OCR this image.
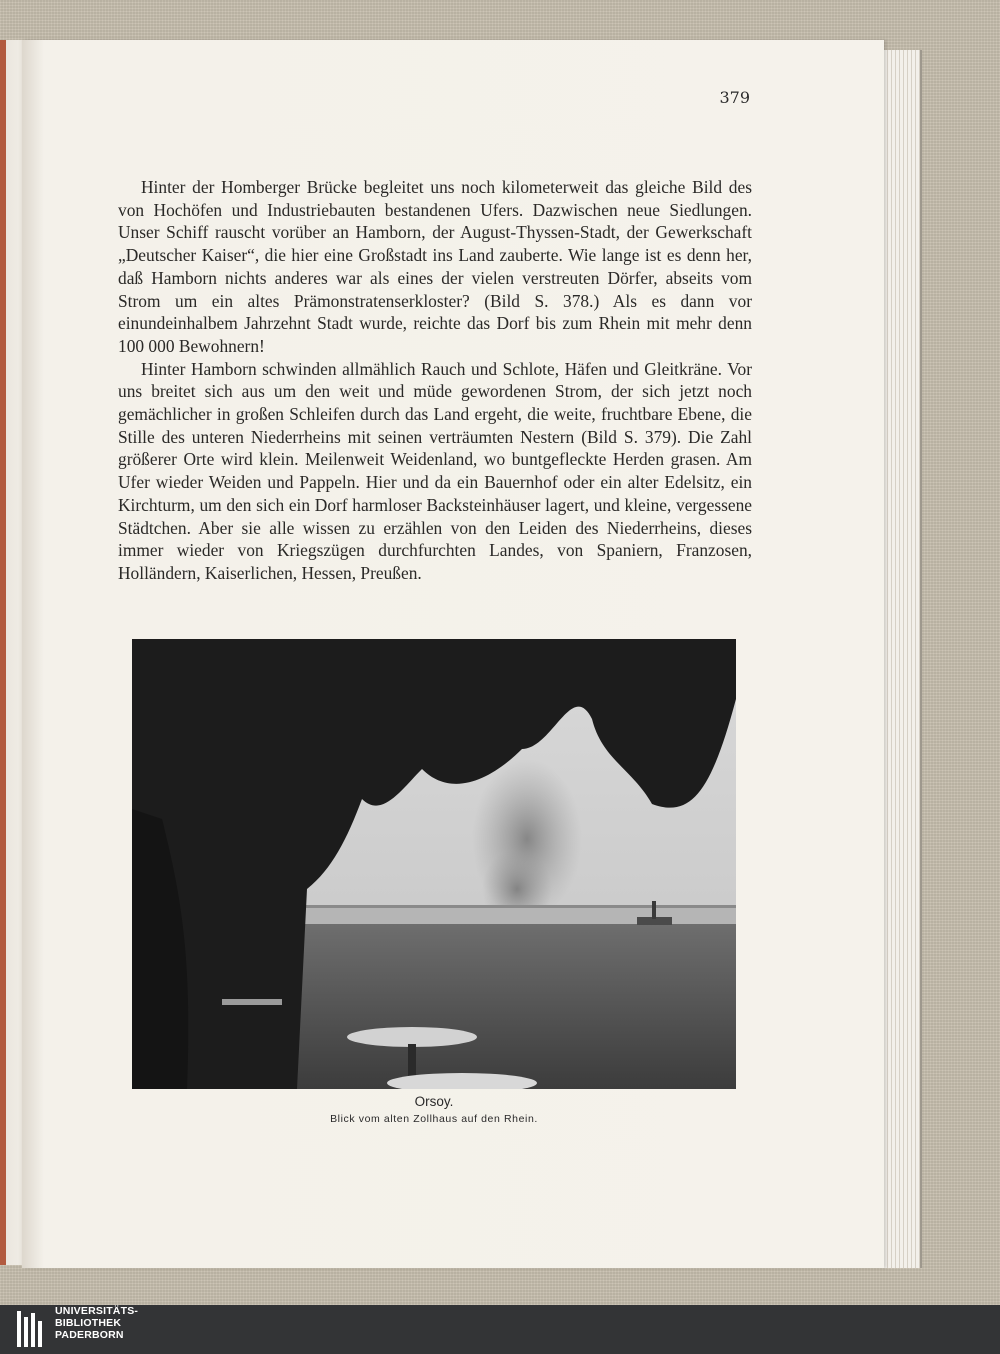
379

Hinter der Homberger Brücke begleitet uns noch kilometerweit das gleiche Bild des von Hochöfen und Industriebauten bestandenen Ufers. Dazwischen neue Siedlungen. Unser Schiff rauscht vorüber an Hamborn, der August-Thyssen-Stadt, der Gewerkschaft „Deutscher Kaiser“, die hier eine Großstadt ins Land zauberte. Wie lange ist es denn her, daß Hamborn nichts anderes war als eines der vielen verstreuten Dörfer, abseits vom Strom um ein altes Prämonstratenserkloster? (Bild S. 378.) Als es dann vor einundeinhalbem Jahrzehnt Stadt wurde, reichte das Dorf bis zum Rhein mit mehr denn 100 000 Bewohnern!

Hinter Hamborn schwinden allmählich Rauch und Schlote, Häfen und Gleitkräne. Vor uns breitet sich aus um den weit und müde gewordenen Strom, der sich jetzt noch gemächlicher in großen Schleifen durch das Land ergeht, die weite, fruchtbare Ebene, die Stille des unteren Niederrheins mit seinen verträumten Nestern (Bild S. 379). Die Zahl größerer Orte wird klein. Meilenweit Weidenland, wo buntgefleckte Herden grasen. Am Ufer wieder Weiden und Pappeln. Hier und da ein Bauernhof oder ein alter Edelsitz, ein Kirchturm, um den sich ein Dorf harmloser Backsteinhäuser lagert, und kleine, vergessene Städtchen. Aber sie alle wissen zu erzählen von den Leiden des Niederrheins, dieses immer wieder von Kriegszügen durchfurchten Landes, von Spaniern, Franzosen, Holländern, Kaiserlichen, Hessen, Preußen.

Orsoy.
Blick vom alten Zollhaus auf den Rhein.
UNIVERSITÄTS-
BIBLIOTHEK
PADERBORN
